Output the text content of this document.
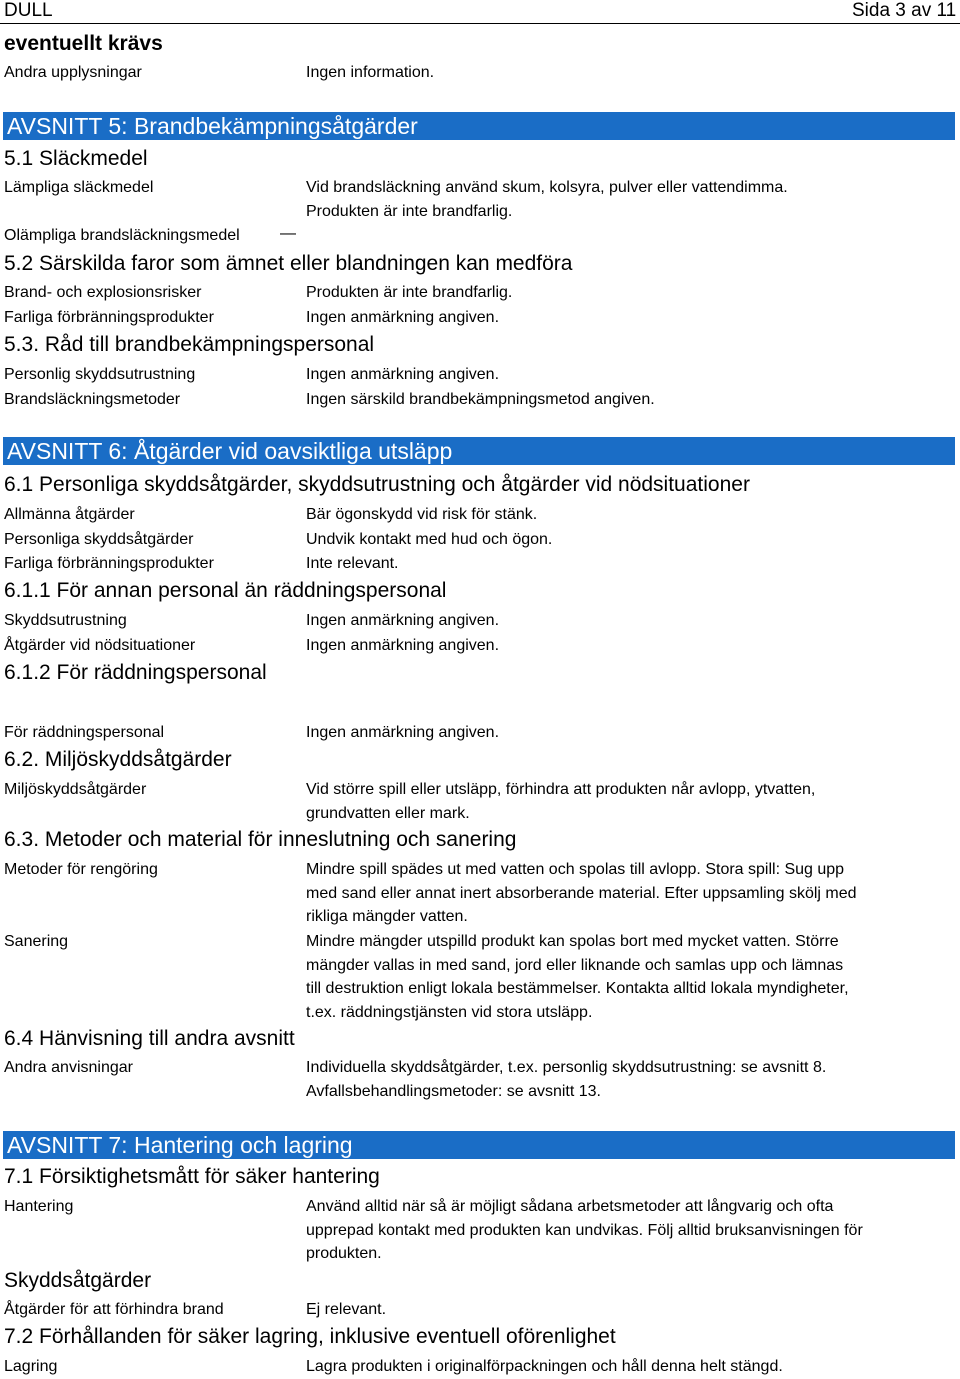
DULL	Sida 3 av 11
eventuellt krävs
AVSNITT 5: Brandbekämpningsåtgärder
5.1 Släckmedel
5.2 Särskilda faror som ämnet eller blandningen kan medföra
5.3. Råd till brandbekämpningspersonal
AVSNITT 6: Åtgärder vid oavsiktliga utsläpp
6.1 Personliga skyddsåtgärder, skyddsutrustning och åtgärder vid nödsituationer
6.1.1 För annan personal än räddningspersonal
6.1.2 För räddningspersonal
6.2. Miljöskyddsåtgärder
6.3. Metoder och material för inneslutning och sanering
6.4 Hänvisning till andra avsnitt
AVSNITT 7: Hantering och lagring
7.1 Försiktighetsmått för säker hantering
Skyddsåtgärder
7.2 Förhållanden för säker lagring, inklusive eventuell oförenlighet
Andra upplysningar	Ingen information.
Lämpliga släckmedel	Vid brandsläckning använd skum, kolsyra, pulver eller vattendimma.
Produkten är inte brandfarlig.
Olämpliga brandsläckningsmedel	—
Brand- och explosionsrisker	Produkten är inte brandfarlig.
Farliga förbränningsprodukter	Ingen anmärkning angiven.
Personlig skyddsutrustning	Ingen anmärkning angiven.
Brandsläckningsmetoder	Ingen särskild brandbekämpningsmetod angiven.
Allmänna åtgärder	Bär ögonskydd vid risk för stänk.
Personliga skyddsåtgärder	Undvik kontakt med hud och ögon.
Farliga förbränningsprodukter	Inte relevant.
Skyddsutrustning	Ingen anmärkning angiven.
Åtgärder vid nödsituationer	Ingen anmärkning angiven.
För räddningspersonal	Ingen anmärkning angiven.
Miljöskyddsåtgärder	Vid större spill eller utsläpp, förhindra att produkten når avlopp, ytvatten,
grundvatten eller mark.
Metoder för rengöring	Mindre spill spädes ut med vatten och spolas till avlopp. Stora spill: Sug upp
med sand eller annat inert absorberande material. Efter uppsamling skölj med
rikliga mängder vatten.
Sanering	Mindre mängder utspilld produkt kan spolas bort med mycket vatten. Större
mängder vallas in med sand, jord eller liknande och samlas upp och lämnas
till destruktion enligt lokala bestämmelser. Kontakta alltid lokala myndigheter,
t.ex. räddningstjänsten vid stora utsläpp.
Andra anvisningar	Individuella skyddsåtgärder, t.ex. personlig skyddsutrustning: se avsnitt 8.
Avfallsbehandlingsmetoder: se avsnitt 13.
Hantering	Använd alltid när så är möjligt sådana arbetsmetoder att långvarig och ofta
upprepad kontakt med produkten kan undvikas. Följ alltid bruksanvisningen för
produkten.
Åtgärder för att förhindra brand	Ej relevant.
Lagring	Lagra produkten i originalförpackningen och håll denna helt stängd.
